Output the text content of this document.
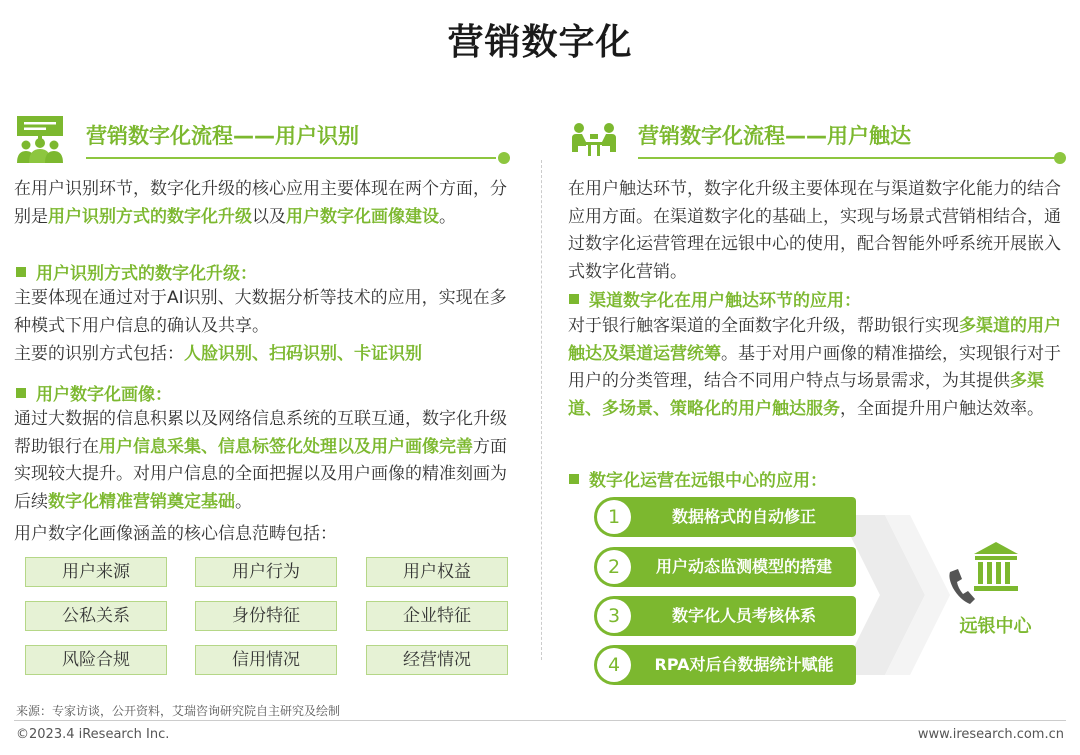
营销数字化
营销数字化流程——用户识别
在用户识别环节，数字化升级的核心应用主要体现在两个方面，分别是用户识别方式的数字化升级以及用户数字化画像建设。
用户识别方式的数字化升级：
主要体现在通过对于AI识别、大数据分析等技术的应用，实现在多种模式下用户信息的确认及共享。
主要的识别方式包括：人脸识别、扫码识别、卡证识别
用户数字化画像：
通过大数据的信息积累以及网络信息系统的互联互通，数字化升级帮助银行在用户信息采集、信息标签化处理以及用户画像完善方面实现较大提升。对用户信息的全面把握以及用户画像的精准刻画为后续数字化精准营销奠定基础。
用户数字化画像涵盖的核心信息范畴包括：
用户来源	用户行为	用户权益
公私关系	身份特征	企业特征
风险合规	信用情况	经营情况
营销数字化流程——用户触达
在用户触达环节，数字化升级主要体现在与渠道数字化能力的结合应用方面。在渠道数字化的基础上，实现与场景式营销相结合，通过数字化运营管理在远银中心的使用，配合智能外呼系统开展嵌入式数字化营销。
渠道数字化在用户触达环节的应用：
对于银行触客渠道的全面数字化升级，帮助银行实现多渠道的用户触达及渠道运营统筹。基于对用户画像的精准描绘，实现银行对于用户的分类管理，结合不同用户特点与场景需求，为其提供多渠道、多场景、策略化的用户触达服务，全面提升用户触达效率。
数字化运营在远银中心的应用：
1	数据格式的自动修正
2	用户动态监测模型的搭建
3	数字化人员考核体系
4	RPA对后台数据统计赋能
远银中心
来源：专家访谈，公开资料，艾瑞咨询研究院自主研究及绘制
©2023.4 iResearch Inc.	www.iresearch.com.cn
